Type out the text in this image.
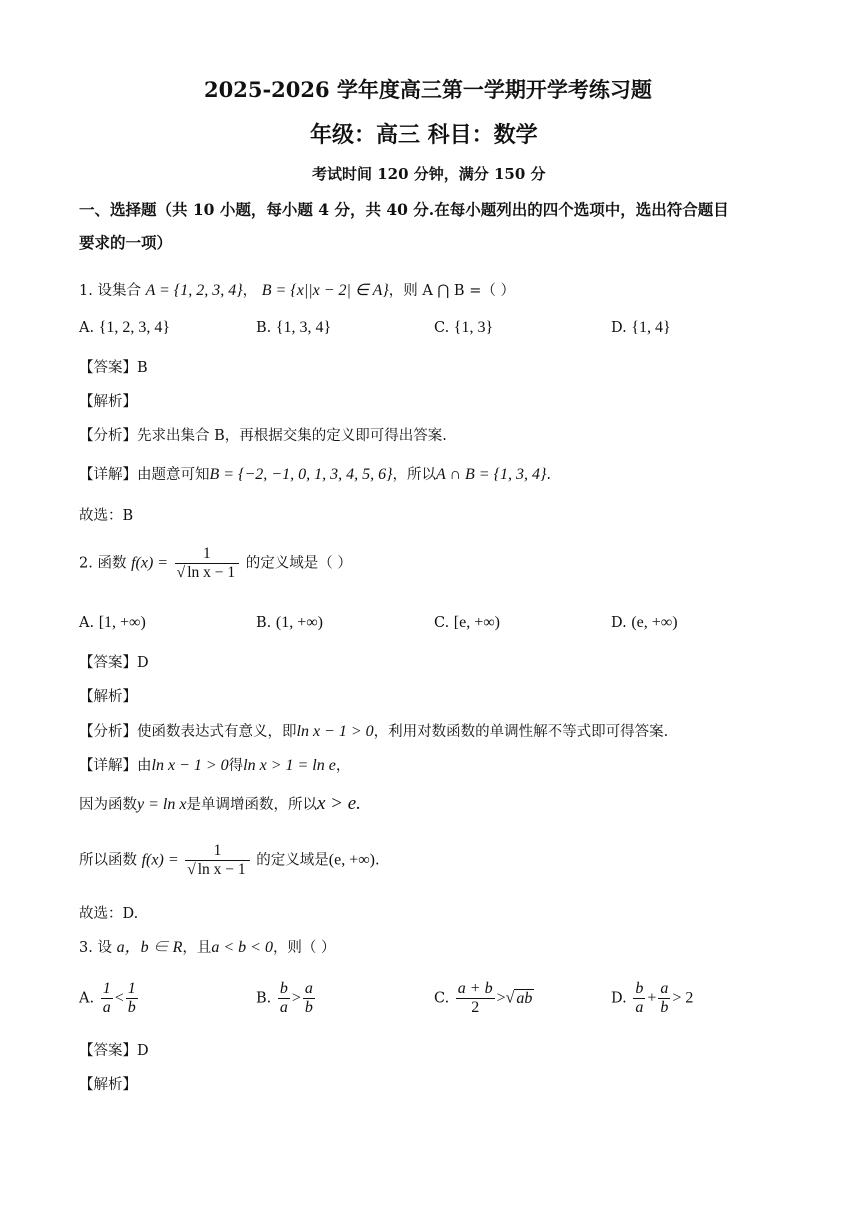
2025-2026 学年度高三第一学期开学考练习题
年级：高三 科目：数学
考试时间 120 分钟，满分 150 分
一、选择题（共 10 小题，每小题 4 分，共 40 分.在每小题列出的四个选项中，选出符合题目
要求的一项）
1. 设集合 A = {1, 2, 3, 4}， B = {x||x − 2| ∈ A}，则 A ⋂ B =（ ）
A. {1, 2, 3, 4}	B. {1, 3, 4}	C. {1, 3}	D. {1, 4}
【答案】B
【解析】
【分析】先求出集合 B，再根据交集的定义即可得出答案.
【详解】由题意可知B = {−2, −1, 0, 1, 3, 4, 5, 6}，所以A ∩ B = {1, 3, 4}.
故选：B
2. 函数 $f(x) = \frac{1}{\text{√ ln x − 1}}$ 的定义域是（ ）
A. [1, +∞)	B. (1, +∞)	C. [e, +∞)	D. (e, +∞)
【答案】D
【解析】
【分析】使函数表达式有意义，即ln x − 1 > 0，利用对数函数的单调性解不等式即可得答案.
【详解】由ln x − 1 > 0得ln x > 1 = ln e，
因为函数y = ln x是单调增函数，所以x > e.
所以函数 $f(x) = \frac{1}{\text{√ ln x − 1}}$ 的定义域是(e, +∞).
故选：D.
3. 设 a，b ∈ R，且a < b < 0，则（ ）
A. $\frac{1}{a} < \frac{1}{b}$	B. $\frac{b}{a} > \frac{a}{b}$	C. $\frac{a + b}{2}$ >√ ab	D. $\frac{b}{a} + \frac{a}{b} > 2$
【答案】D
【解析】
